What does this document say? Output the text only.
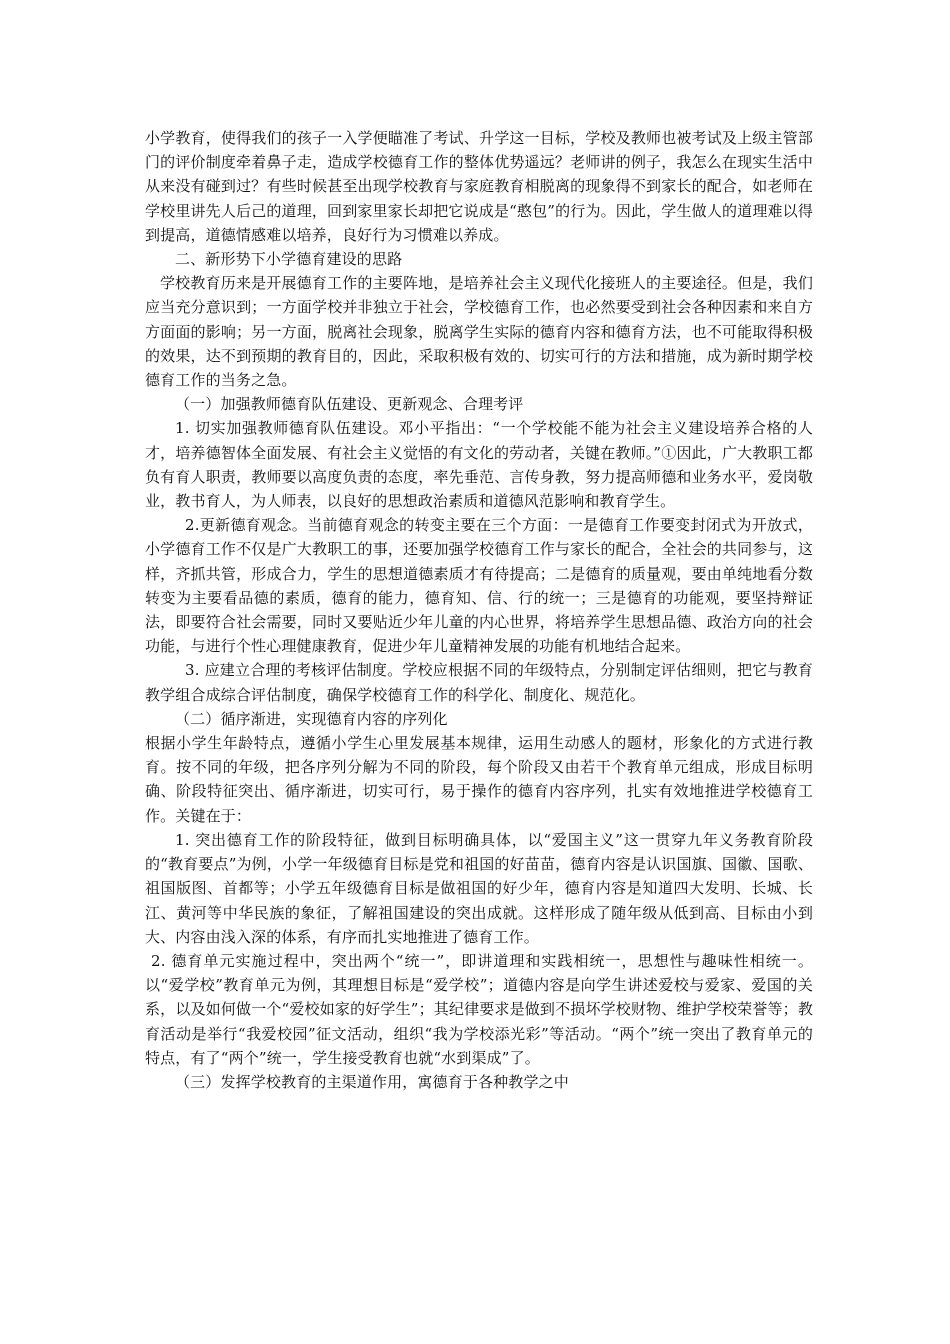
小学教育，使得我们的孩子一入学便瞄准了考试、升学这一目标，学校及教师也被考试及上级主管部门的评价制度牵着鼻子走，造成学校德育工作的整体优势遥远？老师讲的例子，我怎么在现实生活中从来没有碰到过？有些时候甚至出现学校教育与家庭教育相脱离的现象得不到家长的配合，如老师在学校里讲先人后己的道理，回到家里家长却把它说成是“憨包”的行为。因此，学生做人的道理难以得到提高，道德情感难以培养，良好行为习惯难以养成。

二、新形势下小学德育建设的思路

学校教育历来是开展德育工作的主要阵地，是培养社会主义现代化接班人的主要途径。但是，我们应当充分意识到；一方面学校并非独立于社会，学校德育工作，也必然要受到社会各种因素和来自方方面面的影响；另一方面，脱离社会现象，脱离学生实际的德育内容和德育方法，也不可能取得积极的效果，达不到预期的教育目的，因此，采取积极有效的、切实可行的方法和措施，成为新时期学校德育工作的当务之急。

（一）加强教师德育队伍建设、更新观念、合理考评

1. 切实加强教师德育队伍建设。邓小平指出：“一个学校能不能为社会主义建设培养合格的人才，培养德智体全面发展、有社会主义觉悟的有文化的劳动者，关键在教师。”①因此，广大教职工都负有育人职责，教师要以高度负责的态度，率先垂范、言传身教，努力提高师德和业务水平，爱岗敬业，教书育人，为人师表，以良好的思想政治素质和道德风范影响和教育学生。

2.更新德育观念。当前德育观念的转变主要在三个方面：一是德育工作要变封闭式为开放式，小学德育工作不仅是广大教职工的事，还要加强学校德育工作与家长的配合，全社会的共同参与，这样，齐抓共管，形成合力，学生的思想道德素质才有待提高；二是德育的质量观，要由单纯地看分数转变为主要看品德的素质，德育的能力，德育知、信、行的统一；三是德育的功能观，要坚持辩证法，即要符合社会需要，同时又要贴近少年儿童的内心世界，将培养学生思想品德、政治方向的社会功能，与进行个性心理健康教育，促进少年儿童精神发展的功能有机地结合起来。

3. 应建立合理的考核评估制度。学校应根据不同的年级特点，分别制定评估细则，把它与教育教学组合成综合评估制度，确保学校德育工作的科学化、制度化、规范化。

（二）循序渐进，实现德育内容的序列化

根据小学生年龄特点，遵循小学生心里发展基本规律，运用生动感人的题材，形象化的方式进行教育。按不同的年级，把各序列分解为不同的阶段，每个阶段又由若干个教育单元组成，形成目标明确、阶段特征突出、循序渐进，切实可行，易于操作的德育内容序列，扎实有效地推进学校德育工作。关键在于：

1. 突出德育工作的阶段特征，做到目标明确具体，以“爱国主义”这一贯穿九年义务教育阶段的“教育要点”为例，小学一年级德育目标是党和祖国的好苗苗，德育内容是认识国旗、国徽、国歌、祖国版图、首都等；小学五年级德育目标是做祖国的好少年，德育内容是知道四大发明、长城、长江、黄河等中华民族的象征，了解祖国建设的突出成就。这样形成了随年级从低到高、目标由小到大、内容由浅入深的体系，有序而扎实地推进了德育工作。

2. 德育单元实施过程中，突出两个“统一”，即讲道理和实践相统一，思想性与趣味性相统一。以“爱学校”教育单元为例，其理想目标是“爱学校”；道德内容是向学生讲述爱校与爱家、爱国的关系，以及如何做一个“爱校如家的好学生”；其纪律要求是做到不损坏学校财物、维护学校荣誉等；教育活动是举行“我爱校园”征文活动，组织“我为学校添光彩”等活动。“两个”统一突出了教育单元的特点，有了“两个”统一，学生接受教育也就“水到渠成”了。

（三）发挥学校教育的主渠道作用，寓德育于各种教学之中
